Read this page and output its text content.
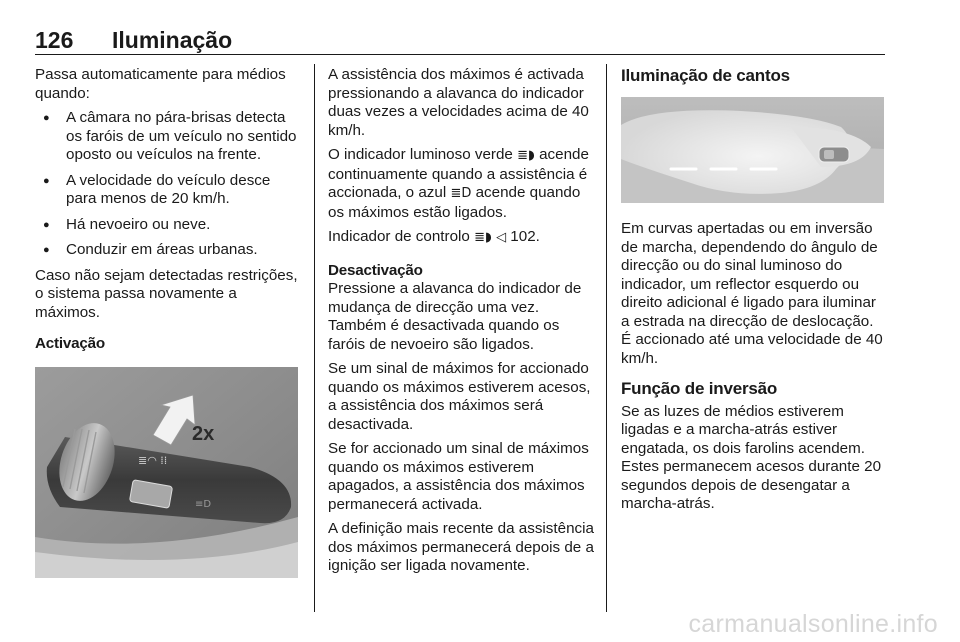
126 Iluminação

Passa automaticamente para médios quando:

● A câmara no pára-brisas detecta os faróis de um veículo no sentido oposto ou veículos na frente.
● A velocidade do veículo desce para menos de 20 km/h.
● Há nevoeiro ou neve.
● Conduzir em áreas urbanas.

Caso não sejam detectadas restrições, o sistema passa novamente a máximos.

Activação
≣◠ ⁞⁞
≡D
2x

A assistência dos máximos é activada pressionando a alavanca do indicador duas vezes a velocidades acima de 40 km/h.

O indicador luminoso verde ≣◗ acende continuamente quando a assistência é accionada, o azul ≣D acende quando os máximos estão ligados.

Indicador de controlo ≣◗ ◁ 102.

Desactivação

Pressione a alavanca do indicador de mudança de direcção uma vez. Também é desactivada quando os faróis de nevoeiro são ligados.

Se um sinal de máximos for accionado quando os máximos estiverem acesos, a assistência dos máximos será desactivada.

Se for accionado um sinal de máximos quando os máximos estiverem apagados, a assistência dos máximos permanecerá activada.

A definição mais recente da assistência dos máximos permanecerá depois de a ignição ser ligada novamente.

Iluminação de cantos

Em curvas apertadas ou em inversão de marcha, dependendo do ângulo de direcção ou do sinal luminoso do indicador, um reflector esquerdo ou direito adicional é ligado para iluminar a estrada na direcção de deslocação. É accionado até uma velocidade de 40 km/h.

Função de inversão

Se as luzes de médios estiverem ligadas e a marcha-atrás estiver engatada, os dois farolins acendem. Estes permanecem acesos durante 20 segundos depois de desengatar a marcha-atrás.

carmanualsonline.info
